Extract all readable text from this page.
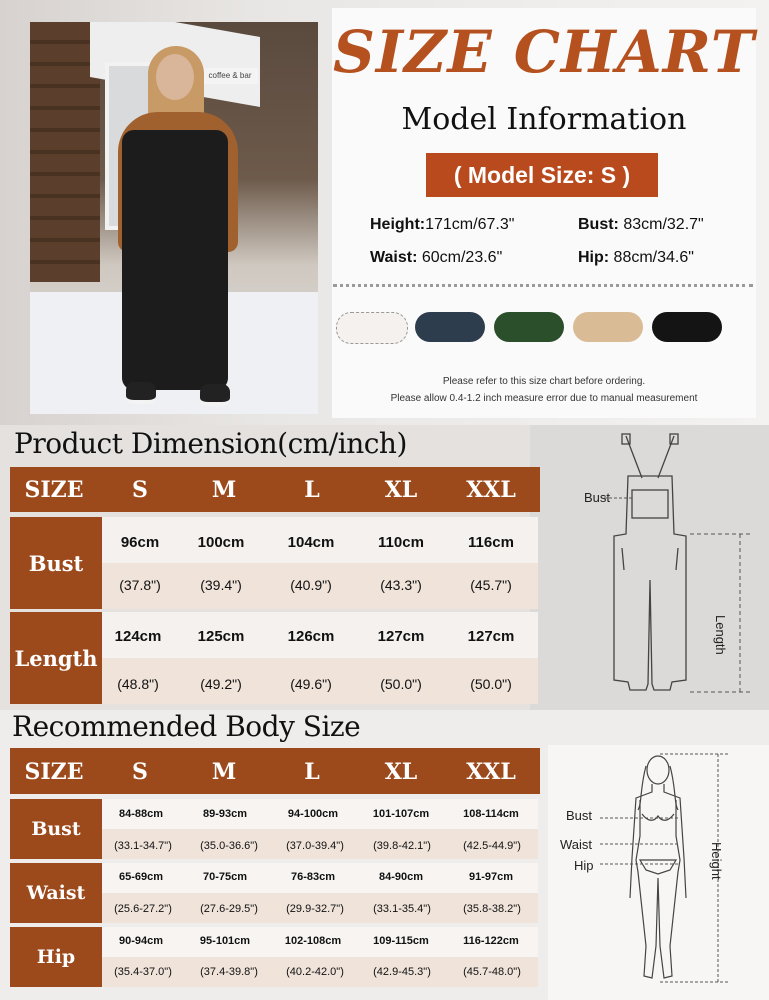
coffee & bar SIZE CHART
Model Information
( Model Size: S )
Height:171cm/67.3"	Bust: 83cm/32.7"
Waist: 60cm/23.6"	Hip: 88cm/34.6"
Please refer to this size chart before ordering.
Please allow 0.4-1.2 inch measure error due to manual measurement
Product Dimension(cm/inch)
SIZE	S	M	L	XL	XXL
Bust
96cm	100cm	104cm	110cm	116cm
(37.8")	(39.4")	(40.9")	(43.3")	(45.7")
Length
124cm	125cm	126cm	127cm	127cm
(48.8")	(49.2")	(49.6")	(50.0")	(50.0")
Bust
Length
Recommended Body Size
SIZE	S	M	L	XL	XXL
Bust
84-88cm	89-93cm	94-100cm	101-107cm	108-114cm
(33.1-34.7")	(35.0-36.6")	(37.0-39.4")	(39.8-42.1")	(42.5-44.9")
Waist
65-69cm	70-75cm	76-83cm	84-90cm	91-97cm
(25.6-27.2")	(27.6-29.5")	(29.9-32.7")	(33.1-35.4")	(35.8-38.2")
Hip
90-94cm	95-101cm	102-108cm	109-115cm	116-122cm
(35.4-37.0")	(37.4-39.8")	(40.2-42.0")	(42.9-45.3")	(45.7-48.0")
Bust
Waist
Hip	Height
